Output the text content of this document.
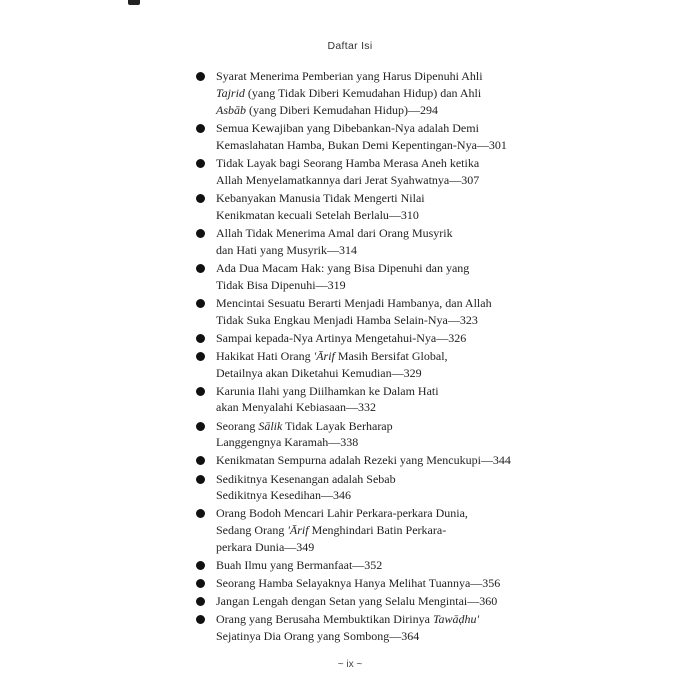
Daftar Isi
Syarat Menerima Pemberian yang Harus Dipenuhi Ahli
Tajrid (yang Tidak Diberi Kemudahan Hidup) dan Ahli
Asbāb (yang Diberi Kemudahan Hidup)—294
Semua Kewajiban yang Dibebankan-Nya adalah Demi
Kemaslahatan Hamba, Bukan Demi Kepentingan-Nya—301
Tidak Layak bagi Seorang Hamba Merasa Aneh ketika
Allah Menyelamatkannya dari Jerat Syahwatnya—307
Kebanyakan Manusia Tidak Mengerti Nilai
Kenikmatan kecuali Setelah Berlalu—310
Allah Tidak Menerima Amal dari Orang Musyrik
dan Hati yang Musyrik—314
Ada Dua Macam Hak: yang Bisa Dipenuhi dan yang
Tidak Bisa Dipenuhi—319
Mencintai Sesuatu Berarti Menjadi Hambanya, dan Allah
Tidak Suka Engkau Menjadi Hamba Selain-Nya—323
Sampai kepada-Nya Artinya Mengetahui-Nya—326
Hakikat Hati Orang 'Ārif Masih Bersifat Global,
Detailnya akan Diketahui Kemudian—329
Karunia Ilahi yang Diilhamkan ke Dalam Hati
akan Menyalahi Kebiasaan—332
Seorang Sālik Tidak Layak Berharap
Langgengnya Karamah—338
Kenikmatan Sempurna adalah Rezeki yang Mencukupi—344
Sedikitnya Kesenangan adalah Sebab
Sedikitnya Kesedihan—346
Orang Bodoh Mencari Lahir Perkara-perkara Dunia,
Sedang Orang 'Ārif Menghindari Batin Perkara-
perkara Dunia—349
Buah Ilmu yang Bermanfaat—352
Seorang Hamba Selayaknya Hanya Melihat Tuannya—356
Jangan Lengah dengan Setan yang Selalu Mengintai—360
Orang yang Berusaha Membuktikan Dirinya Tawāḍhu'
Sejatinya Dia Orang yang Sombong—364
~ ix ~
